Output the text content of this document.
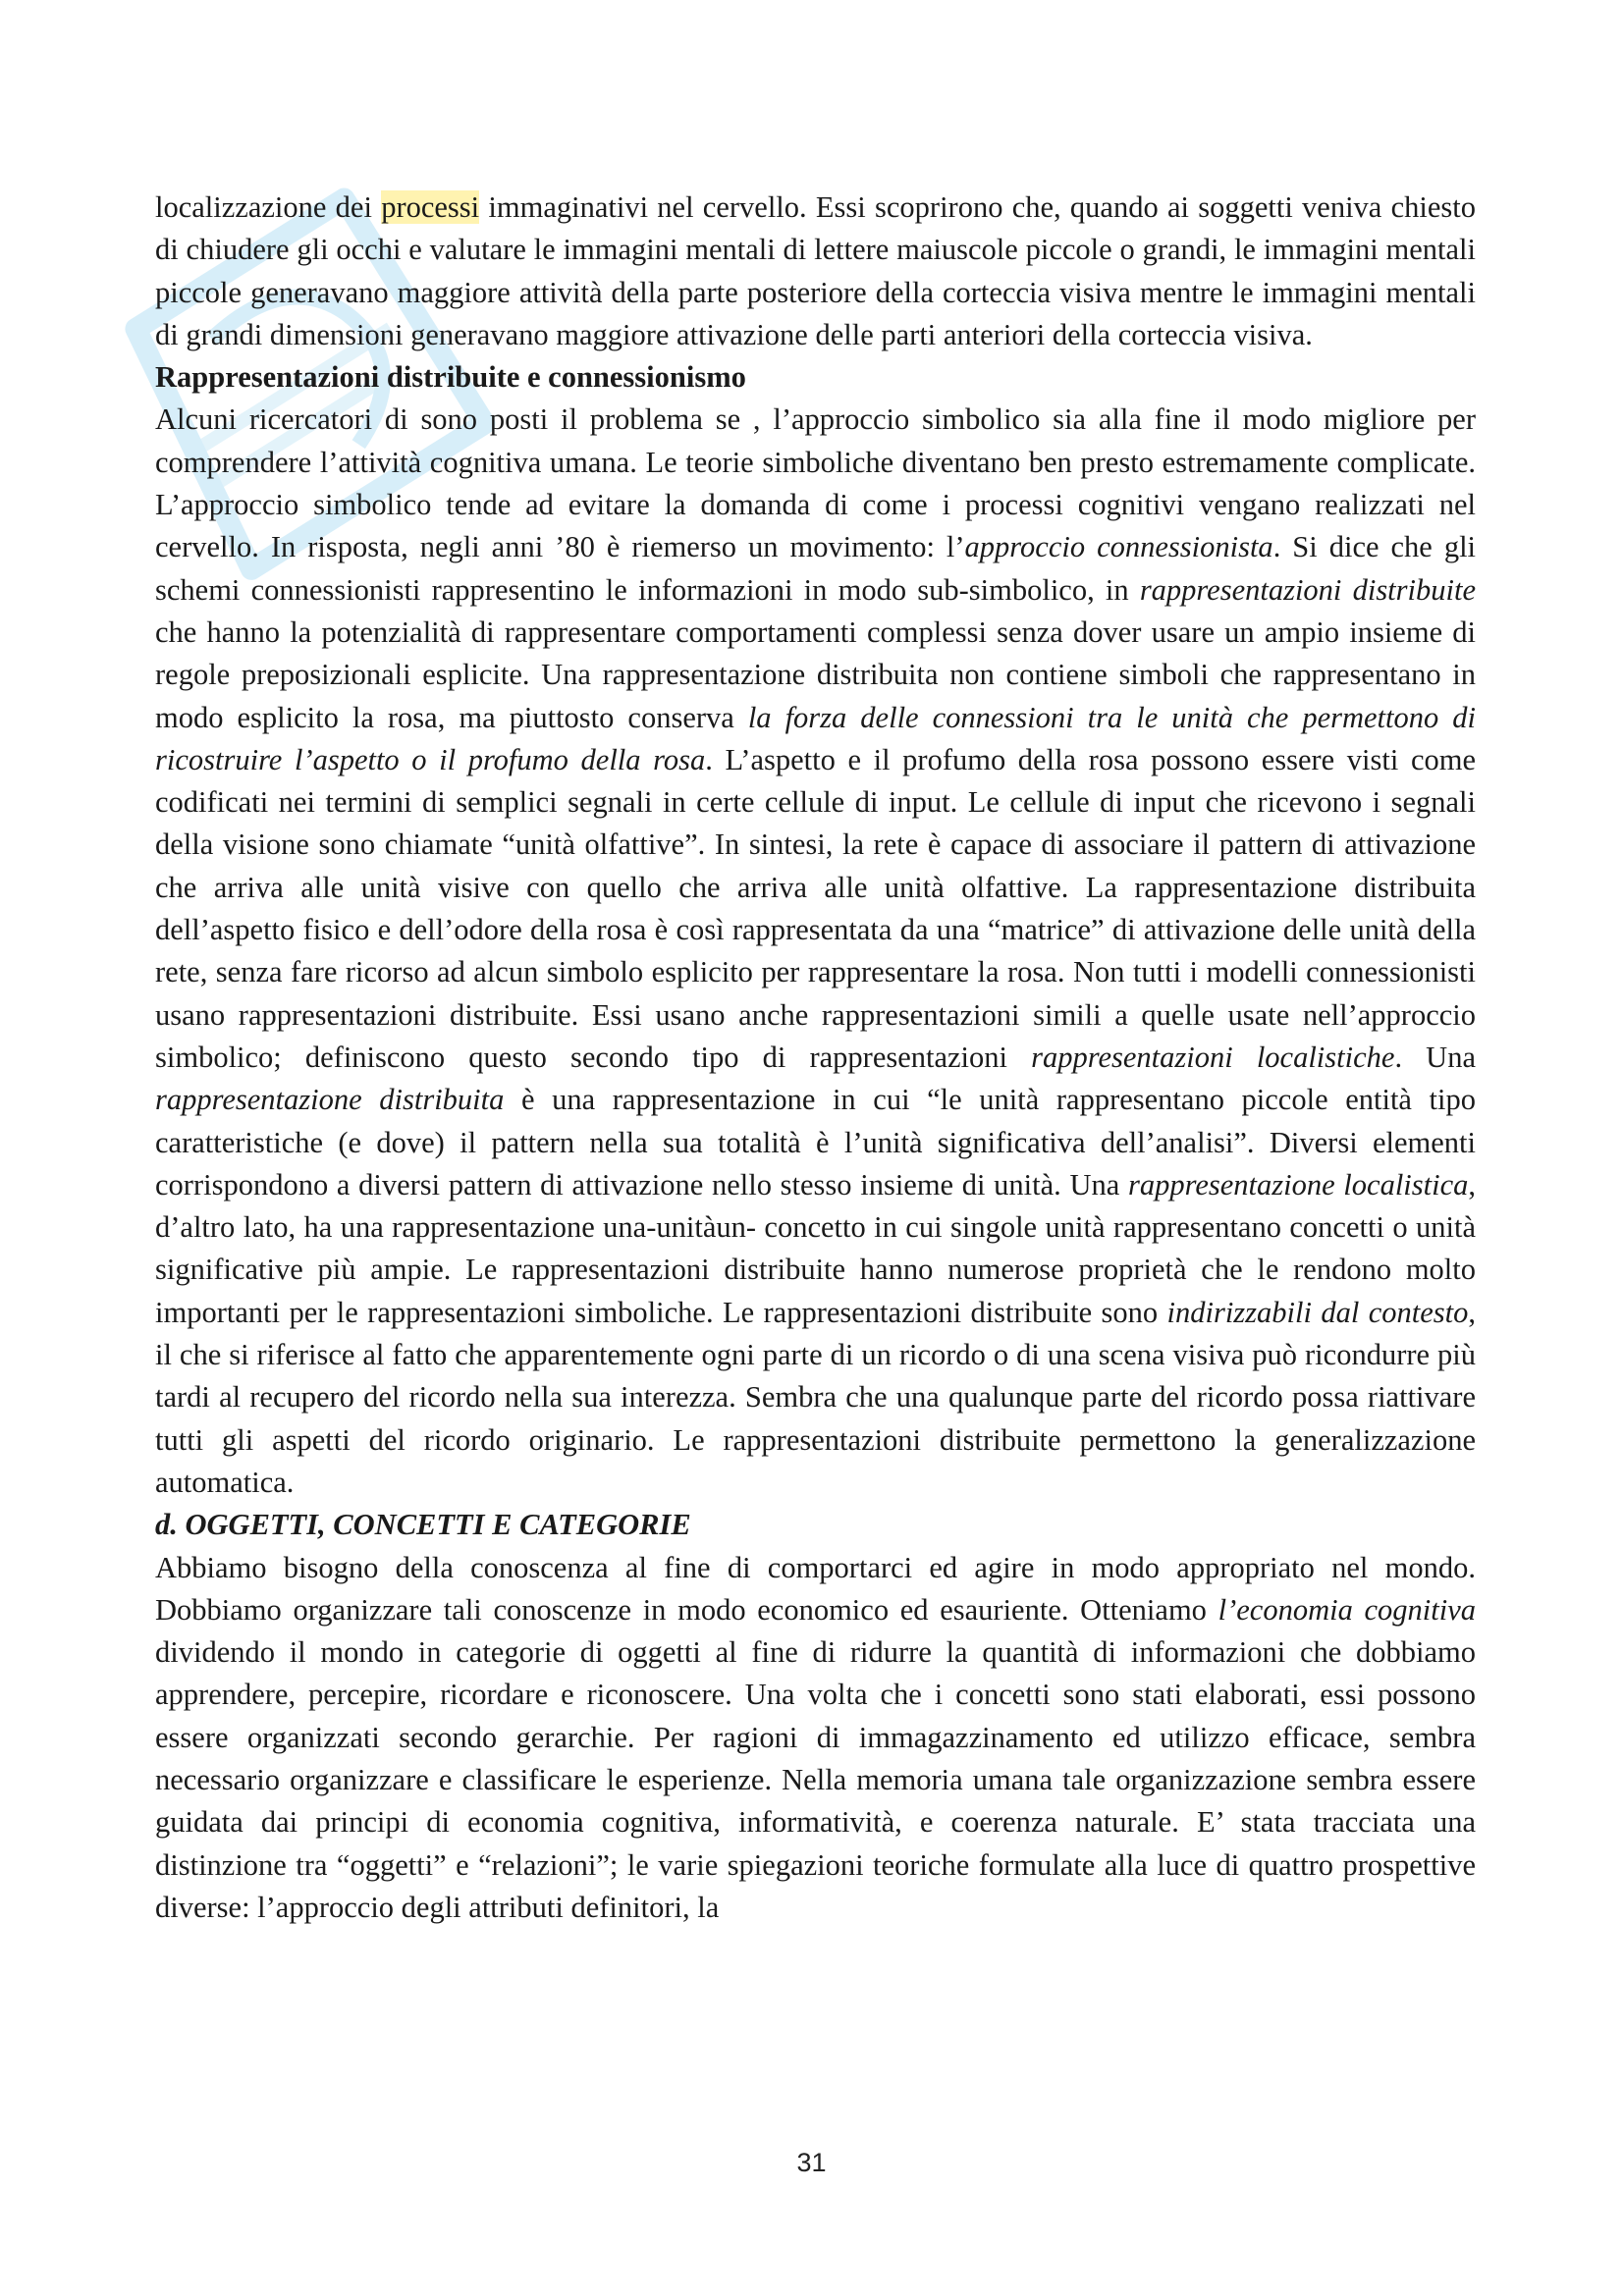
localizzazione dei processi immaginativi nel cervello. Essi scoprirono che, quando ai soggetti veniva chiesto di chiudere gli occhi e valutare le immagini mentali di lettere maiuscole piccole o grandi, le immagini mentali piccole generavano maggiore attività della parte posteriore della corteccia visiva mentre le immagini mentali di grandi dimensioni generavano maggiore attivazione delle parti anteriori della corteccia visiva.

Rappresentazioni distribuite e connessionismo

Alcuni ricercatori di sono posti il problema se , l’approccio simbolico sia alla fine il modo migliore per comprendere l’attività cognitiva umana. Le teorie simboliche diventano ben presto estremamente complicate. L’approccio simbolico tende ad evitare la domanda di come i processi cognitivi vengano realizzati nel cervello. In risposta, negli anni ’80 è riemerso un movimento: l’approccio connessionista. Si dice che gli schemi connessionisti rappresentino le informazioni in modo sub-simbolico, in rappresentazioni distribuite che hanno la potenzialità di rappresentare comportamenti complessi senza dover usare un ampio insieme di regole preposizionali esplicite. Una rappresentazione distribuita non contiene simboli che rappresentano in modo esplicito la rosa, ma piuttosto conserva la forza delle connessioni tra le unità che permettono di ricostruire l’aspetto o il profumo della rosa. L’aspetto e il profumo della rosa possono essere visti come codificati nei termini di semplici segnali in certe cellule di input. Le cellule di input che ricevono i segnali della visione sono chiamate “unità olfattive”. In sintesi, la rete è capace di associare il pattern di attivazione che arriva alle unità visive con quello che arriva alle unità olfattive. La rappresentazione distribuita dell’aspetto fisico e dell’odore della rosa è così rappresentata da una “matrice” di attivazione delle unità della rete, senza fare ricorso ad alcun simbolo esplicito per rappresentare la rosa. Non tutti i modelli connessionisti usano rappresentazioni distribuite. Essi usano anche rappresentazioni simili a quelle usate nell’approccio simbolico; definiscono questo secondo tipo di rappresentazioni rappresentazioni localistiche. Una rappresentazione distribuita è una rappresentazione in cui “le unità rappresentano piccole entità tipo caratteristiche (e dove) il pattern nella sua totalità è l’unità significativa dell’analisi”. Diversi elementi corrispondono a diversi pattern di attivazione nello stesso insieme di unità. Una rappresentazione localistica, d’altro lato, ha una rappresentazione una-unitàun- concetto in cui singole unità rappresentano concetti o unità significative più ampie. Le rappresentazioni distribuite hanno numerose proprietà che le rendono molto importanti per le rappresentazioni simboliche. Le rappresentazioni distribuite sono indirizzabili dal contesto, il che si riferisce al fatto che apparentemente ogni parte di un ricordo o di una scena visiva può ricondurre più tardi al recupero del ricordo nella sua interezza. Sembra che una qualunque parte del ricordo possa riattivare tutti gli aspetti del ricordo originario. Le rappresentazioni distribuite permettono la generalizzazione automatica.

d. OGGETTI, CONCETTI E CATEGORIE

Abbiamo bisogno della conoscenza al fine di comportarci ed agire in modo appropriato nel mondo. Dobbiamo organizzare tali conoscenze in modo economico ed esauriente. Otteniamo l’economia cognitiva dividendo il mondo in categorie di oggetti al fine di ridurre la quantità di informazioni che dobbiamo apprendere, percepire, ricordare e riconoscere. Una volta che i concetti sono stati elaborati, essi possono essere organizzati secondo gerarchie. Per ragioni di immagazzinamento ed utilizzo efficace, sembra necessario organizzare e classificare le esperienze. Nella memoria umana tale organizzazione sembra essere guidata dai principi di economia cognitiva, informatività, e coerenza naturale. E’ stata tracciata una distinzione tra “oggetti” e “relazioni”; le varie spiegazioni teoriche formulate alla luce di quattro prospettive diverse: l’approccio degli attributi definitori, la

31
